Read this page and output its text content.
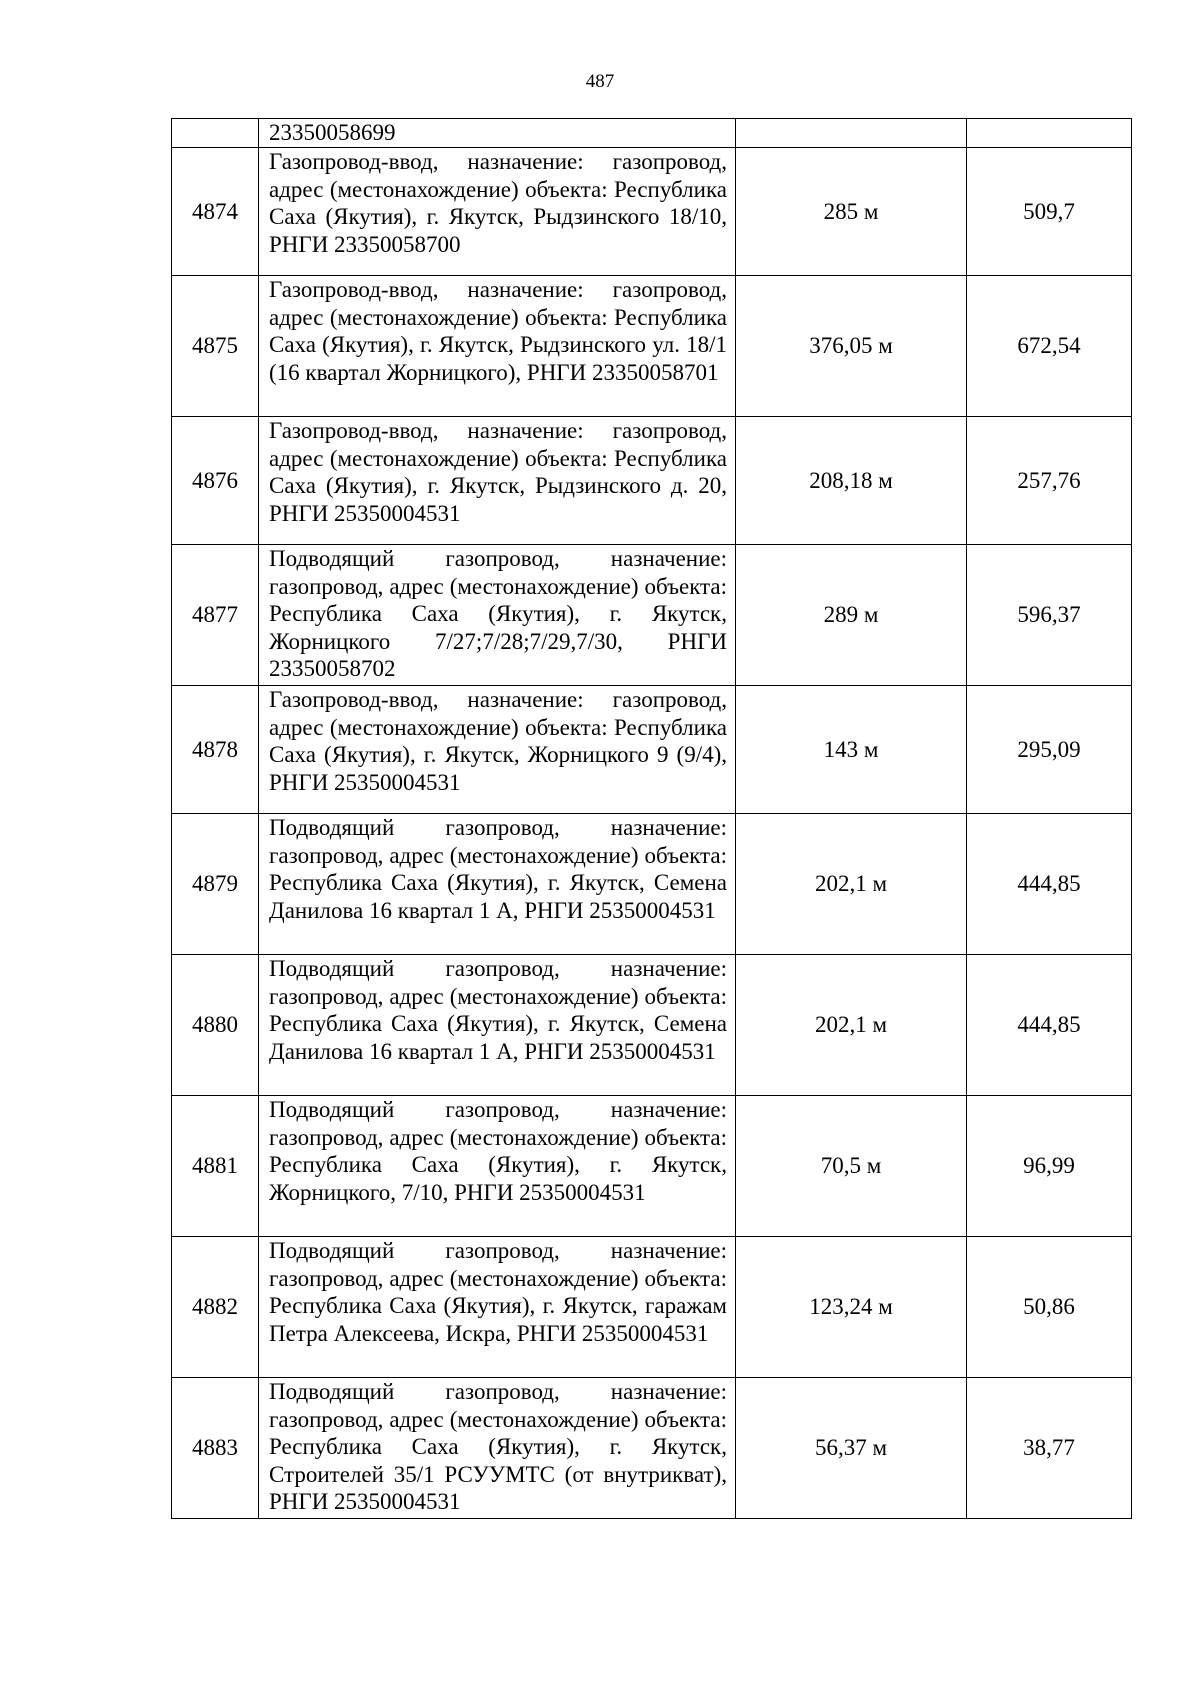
487
	23350058699		
4874	Газопровод-ввод, назначение: газопровод, адрес (местонахождение) объекта: Республика Саха (Якутия), г. Якутск, Рыдзинского 18/10, РНГИ 23350058700	285 м	509,7
4875	Газопровод-ввод, назначение: газопровод, адрес (местонахождение) объекта: Республика Саха (Якутия), г. Якутск, Рыдзинского ул. 18/1 (16 квартал Жорницкого), РНГИ 23350058701	376,05 м	672,54
4876	Газопровод-ввод, назначение: газопровод, адрес (местонахождение) объекта: Республика Саха (Якутия), г. Якутск, Рыдзинского д. 20, РНГИ 25350004531	208,18 м	257,76
4877	Подводящий газопровод, назначение: газопровод, адрес (местонахождение) объекта: Республика Саха (Якутия), г. Якутск, Жорницкого 7/27;7/28;7/29,7/30, РНГИ 23350058702	289 м	596,37
4878	Газопровод-ввод, назначение: газопровод, адрес (местонахождение) объекта: Республика Саха (Якутия), г. Якутск, Жорницкого 9 (9/4), РНГИ 25350004531	143 м	295,09
4879	Подводящий газопровод, назначение: газопровод, адрес (местонахождение) объекта: Республика Саха (Якутия), г. Якутск, Семена Данилова 16 квартал 1 А, РНГИ 25350004531	202,1 м	444,85
4880	Подводящий газопровод, назначение: газопровод, адрес (местонахождение) объекта: Республика Саха (Якутия), г. Якутск, Семена Данилова 16 квартал 1 А, РНГИ 25350004531	202,1 м	444,85
4881	Подводящий газопровод, назначение: газопровод, адрес (местонахождение) объекта: Республика Саха (Якутия), г. Якутск, Жорницкого, 7/10, РНГИ 25350004531	70,5 м	96,99
4882	Подводящий газопровод, назначение: газопровод, адрес (местонахождение) объекта: Республика Саха (Якутия), г. Якутск, гаражам Петра Алексеева, Искра, РНГИ 25350004531	123,24 м	50,86
4883	Подводящий газопровод, назначение: газопровод, адрес (местонахождение) объекта: Республика Саха (Якутия), г. Якутск, Строителей 35/1 РСУУМТС (от внутрикват), РНГИ 25350004531	56,37 м	38,77
